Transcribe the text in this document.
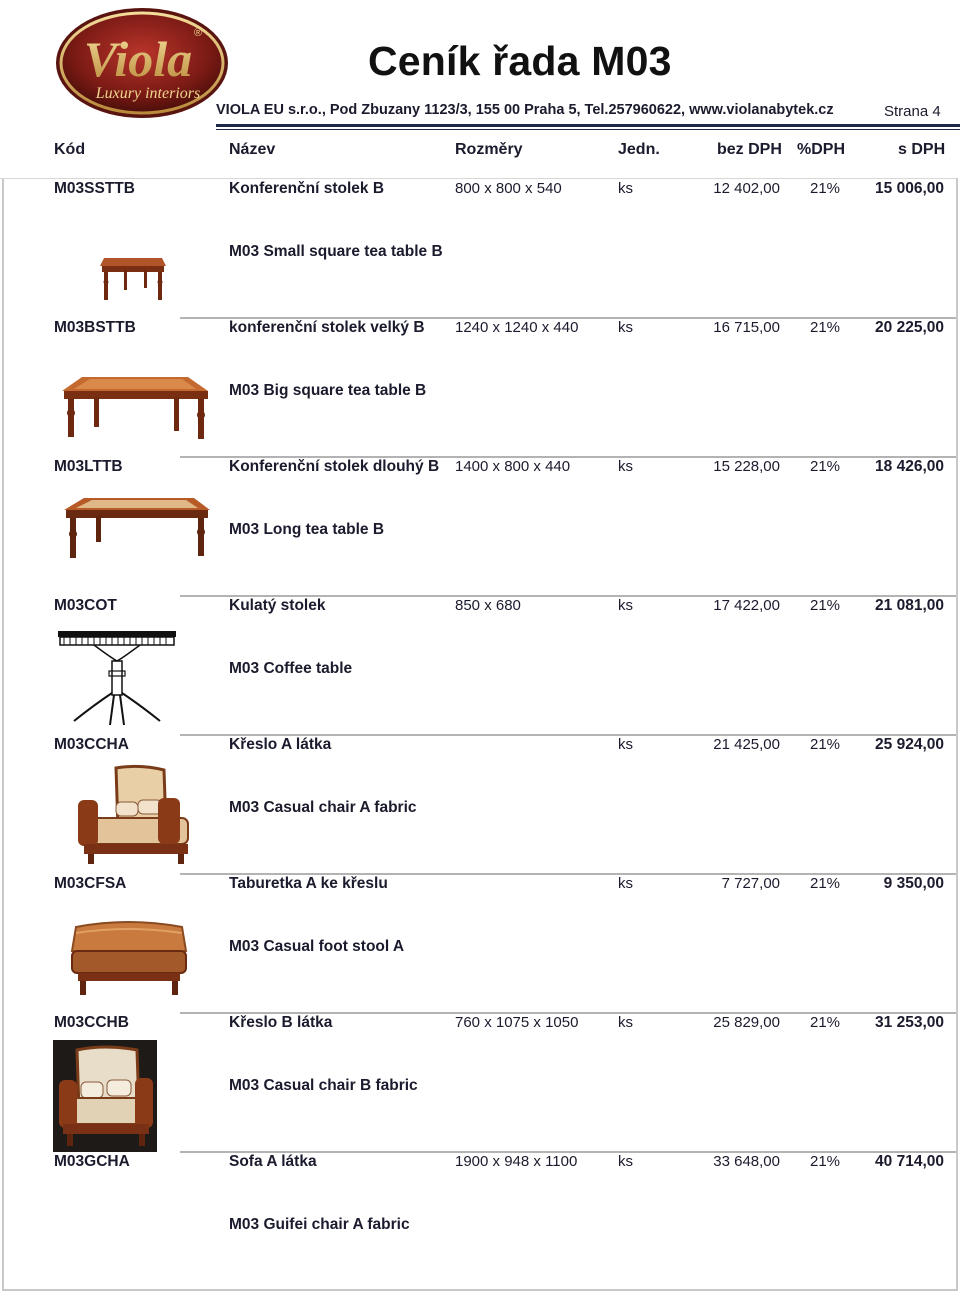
Viola
Luxury interiors
®
Ceník řada M03
VIOLA EU s.r.o., Pod Zbuzany 1123/3, 155 00 Praha 5, Tel.257960622, www.violanabytek.cz	Strana 4
Kód	Název	Rozměry	Jedn.	bez DPH %DPH	s DPH
M03SSTTB	Konferenční stolek B	800 x 800 x 540	ks	12 402,00 21% 15 006,00
M03 Small square tea table B
M03BSTTB	konferenční stolek velký B 1240 x 1240 x 440	ks	16 715,00 21% 20 225,00
M03 Big square tea table B
M03LTTB	Konferenční stolek dlouhý B 1400 x 800 x 440	ks	15 228,00 21% 18 426,00
M03 Long tea table B
M03COT	Kulatý stolek	850 x 680	ks	17 422,00 21% 21 081,00
M03 Coffee table
M03CCHA	Křeslo A látka	ks	21 425,00 21% 25 924,00
M03 Casual chair A fabric
M03CFSA	Taburetka A ke křeslu	ks	7 727,00 21%	9 350,00
M03 Casual foot stool A
M03CCHB	Křeslo B látka	760 x 1075 x 1050	ks	25 829,00 21% 31 253,00
M03 Casual chair B fabric
M03GCHA	Sofa A látka	1900 x 948 x 1100	ks	33 648,00 21% 40 714,00
M03 Guifei chair A fabric
